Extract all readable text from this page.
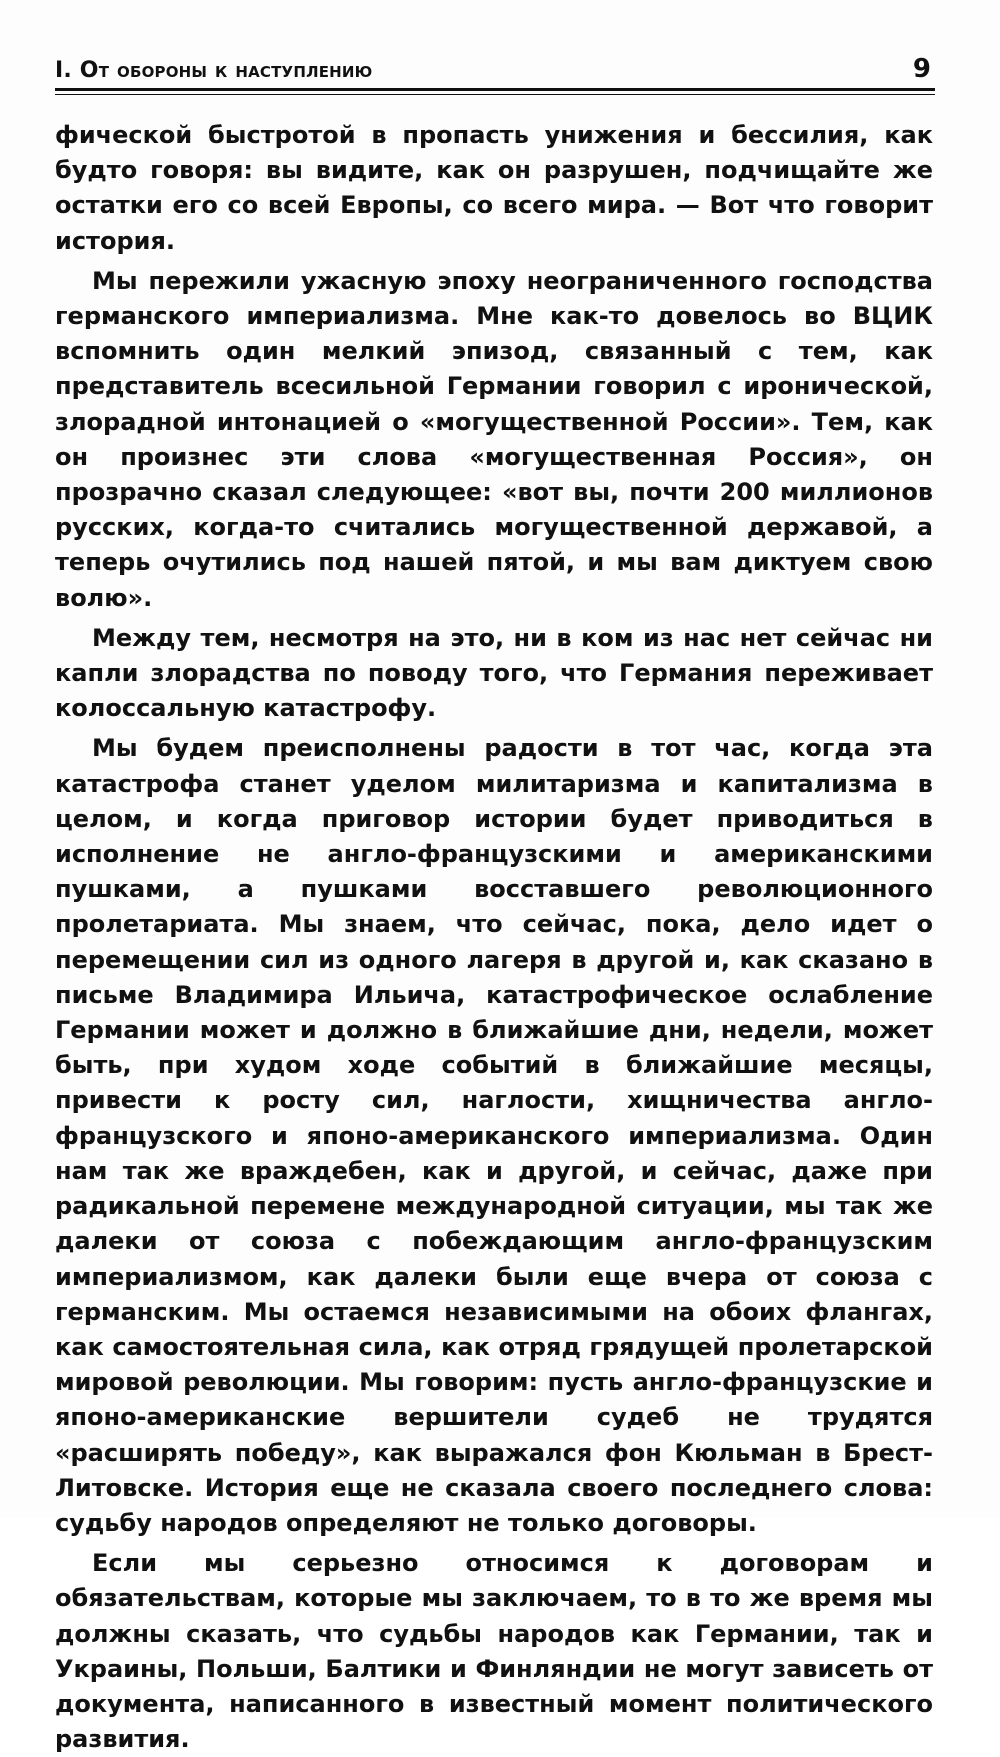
I. От обороны к наступлению	9

фической быстротой в пропасть унижения и бессилия, как будто говоря: вы видите, как он разрушен, подчищайте же остатки его со всей Европы, со всего мира. — Вот что говорит история.

Мы пережили ужасную эпоху неограниченного господства германского империализма. Мне как-то довелось во ВЦИК вспомнить один мелкий эпизод, связанный с тем, как представитель всесильной Германии говорил с иронической, злорадной интонацией о «могущественной России». Тем, как он произнес эти слова «могущественная Россия», он прозрачно сказал следующее: «вот вы, почти 200 миллионов русских, когда-то считались могущественной державой, а теперь очутились под нашей пятой, и мы вам диктуем свою волю».

Между тем, несмотря на это, ни в ком из нас нет сейчас ни капли злорадства по поводу того, что Германия переживает колоссальную катастрофу.

Мы будем преисполнены радости в тот час, когда эта катастрофа станет уделом милитаризма и капитализма в целом, и когда приговор истории будет приводиться в исполнение не англо-французскими и американскими пушками, а пушками восставшего революционного пролетариата. Мы знаем, что сейчас, пока, дело идет о перемещении сил из одного лагеря в другой и, как сказано в письме Владимира Ильича, катастрофическое ослабление Германии может и должно в ближайшие дни, недели, может быть, при худом ходе событий в ближайшие месяцы, привести к росту сил, наглости, хищничества англо-французского и японо-американского империализма. Один нам так же враждебен, как и другой, и сейчас, даже при радикальной перемене международной ситуации, мы так же далеки от союза с побеждающим англо-французским империализмом, как далеки были еще вчера от союза с германским. Мы остаемся независимыми на обоих флангах, как самостоятельная сила, как отряд грядущей пролетарской мировой революции. Мы говорим: пусть англо-французские и японо-американские вершители судеб не трудятся «расширять победу», как выражался фон Кюльман в Брест-Литовске. История еще не сказала своего последнего слова: судьбу народов определяют не только договоры.

Если мы серьезно относимся к договорам и обязательствам, которые мы заключаем, то в то же время мы должны сказать, что судьбы народов как Германии, так и Украины, Польши, Балтики и Финляндии не могут зависеть от документа, написанного в известный момент политического развития.
